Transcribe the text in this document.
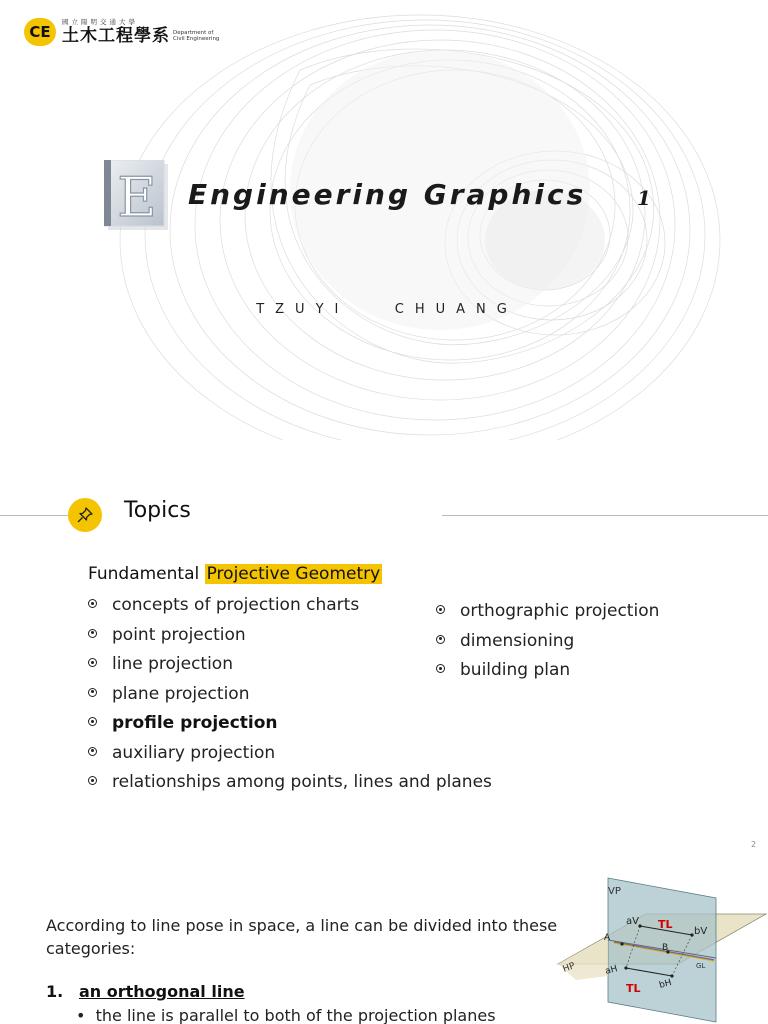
CE
國立陽明交通大學
土木工程學系 Department of
Civil Engineering
E Engineering Graphics	1
TZUYI   CHUANG
Topics
Fundamental Projective Geometry
concepts of projection charts
point projection
line projection
plane projection
profile projection
auxiliary projection
relationships among points, lines and planes
orthographic projection
dimensioning
building plan
2
According to line pose in space, a line can be divided into these categories:
1. an orthogonal line
•  the line is parallel to both of the projection planes
VP
HP
TL
TL
GL
aV
bV
aH
bH
A
B
